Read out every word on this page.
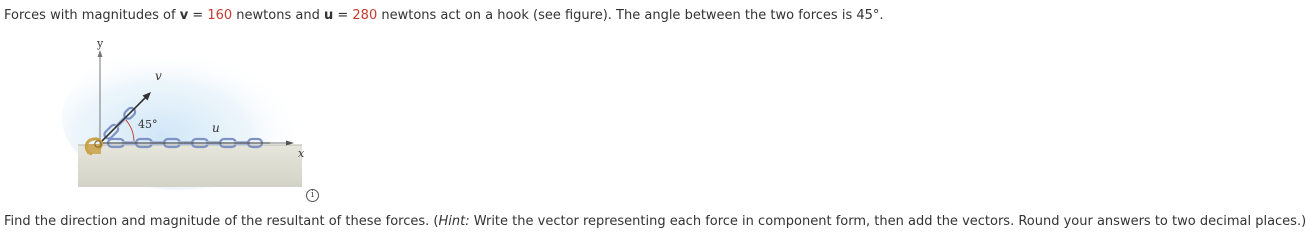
Forces with magnitudes of v = 160 newtons and u = 280 newtons act on a hook (see figure). The angle between the two forces is 45°.
y
45°
x
v
u
i
Find the direction and magnitude of the resultant of these forces. (Hint: Write the vector representing each force in component form, then add the vectors. Round your answers to two decimal places.)
